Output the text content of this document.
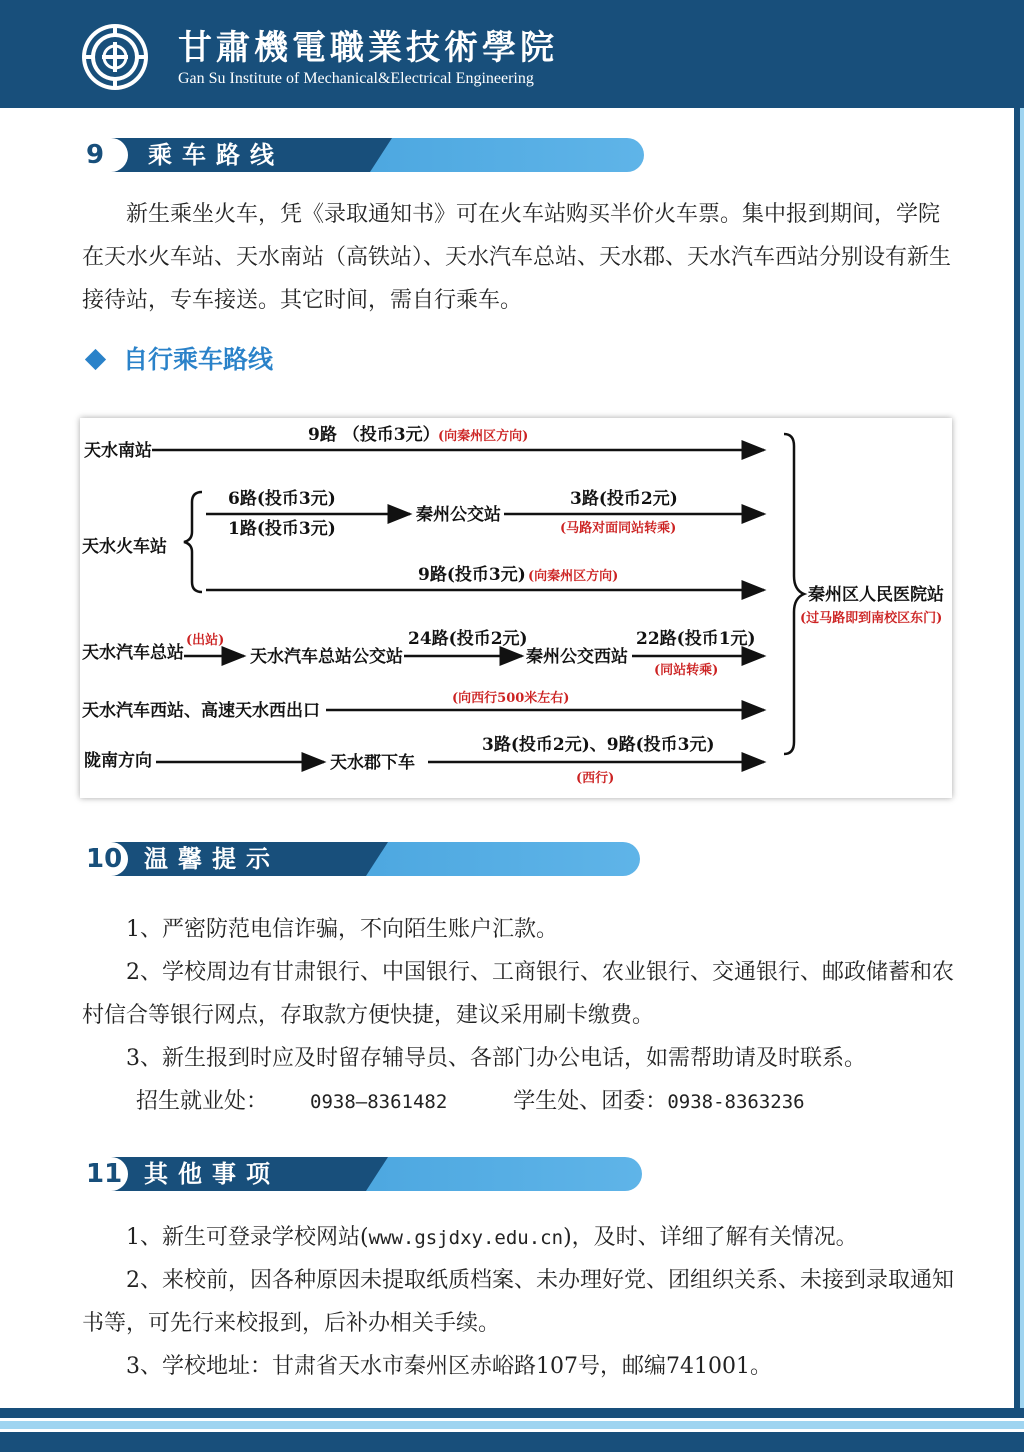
甘肅機電職業技術學院
Gan Su Institute of Mechanical&Electrical Engineering
9	乘车路线
新生乘坐火车，凭《录取通知书》可在火车站购买半价火车票。集中报到期间，学院在天水火车站、天水南站（高铁站）、天水汽车总站、天水郡、天水汽车西站分别设有新生接待站，专车接送。其它时间，需自行乘车。
自行乘车路线
天水南站
9路 （投币3元）
天水火车站
6路(投币3元)
1路(投币3元)
秦州公交站
3路(投币2元)
9路(投币3元)
天水汽车总站	天水汽车总站公交站
24路(投币2元)
秦州公交西站
22路(投币1元)
天水汽车西站、高速天水西出口
陇南方向	天水郡下车
3路(投币2元)、9路(投币3元)
秦州区人民医院站
(向秦州区方向)
(马路对面同站转乘)
(向秦州区方向)
(出站)
(同站转乘)
(向西行500米左右)
(西行)
(过马路即到南校区东门)
10 温馨提示
1、严密防范电信诈骗，不向陌生账户汇款。
2、学校周边有甘肃银行、中国银行、工商银行、农业银行、交通银行、邮政储蓄和农村信合等银行网点，存取款方便快捷，建议采用刷卡缴费。
3、新生报到时应及时留存辅导员、各部门办公电话，如需帮助请及时联系。
招生就业处： 0938—8361482	学生处、团委：0938-8363236
11 其他事项
1、新生可登录学校网站(www.gsjdxy.edu.cn)，及时、详细了解有关情况。
2、来校前，因各种原因未提取纸质档案、未办理好党、团组织关系、未接到录取通知书等，可先行来校报到，后补办相关手续。
3、学校地址：甘肃省天水市秦州区赤峪路107号，邮编741001。
